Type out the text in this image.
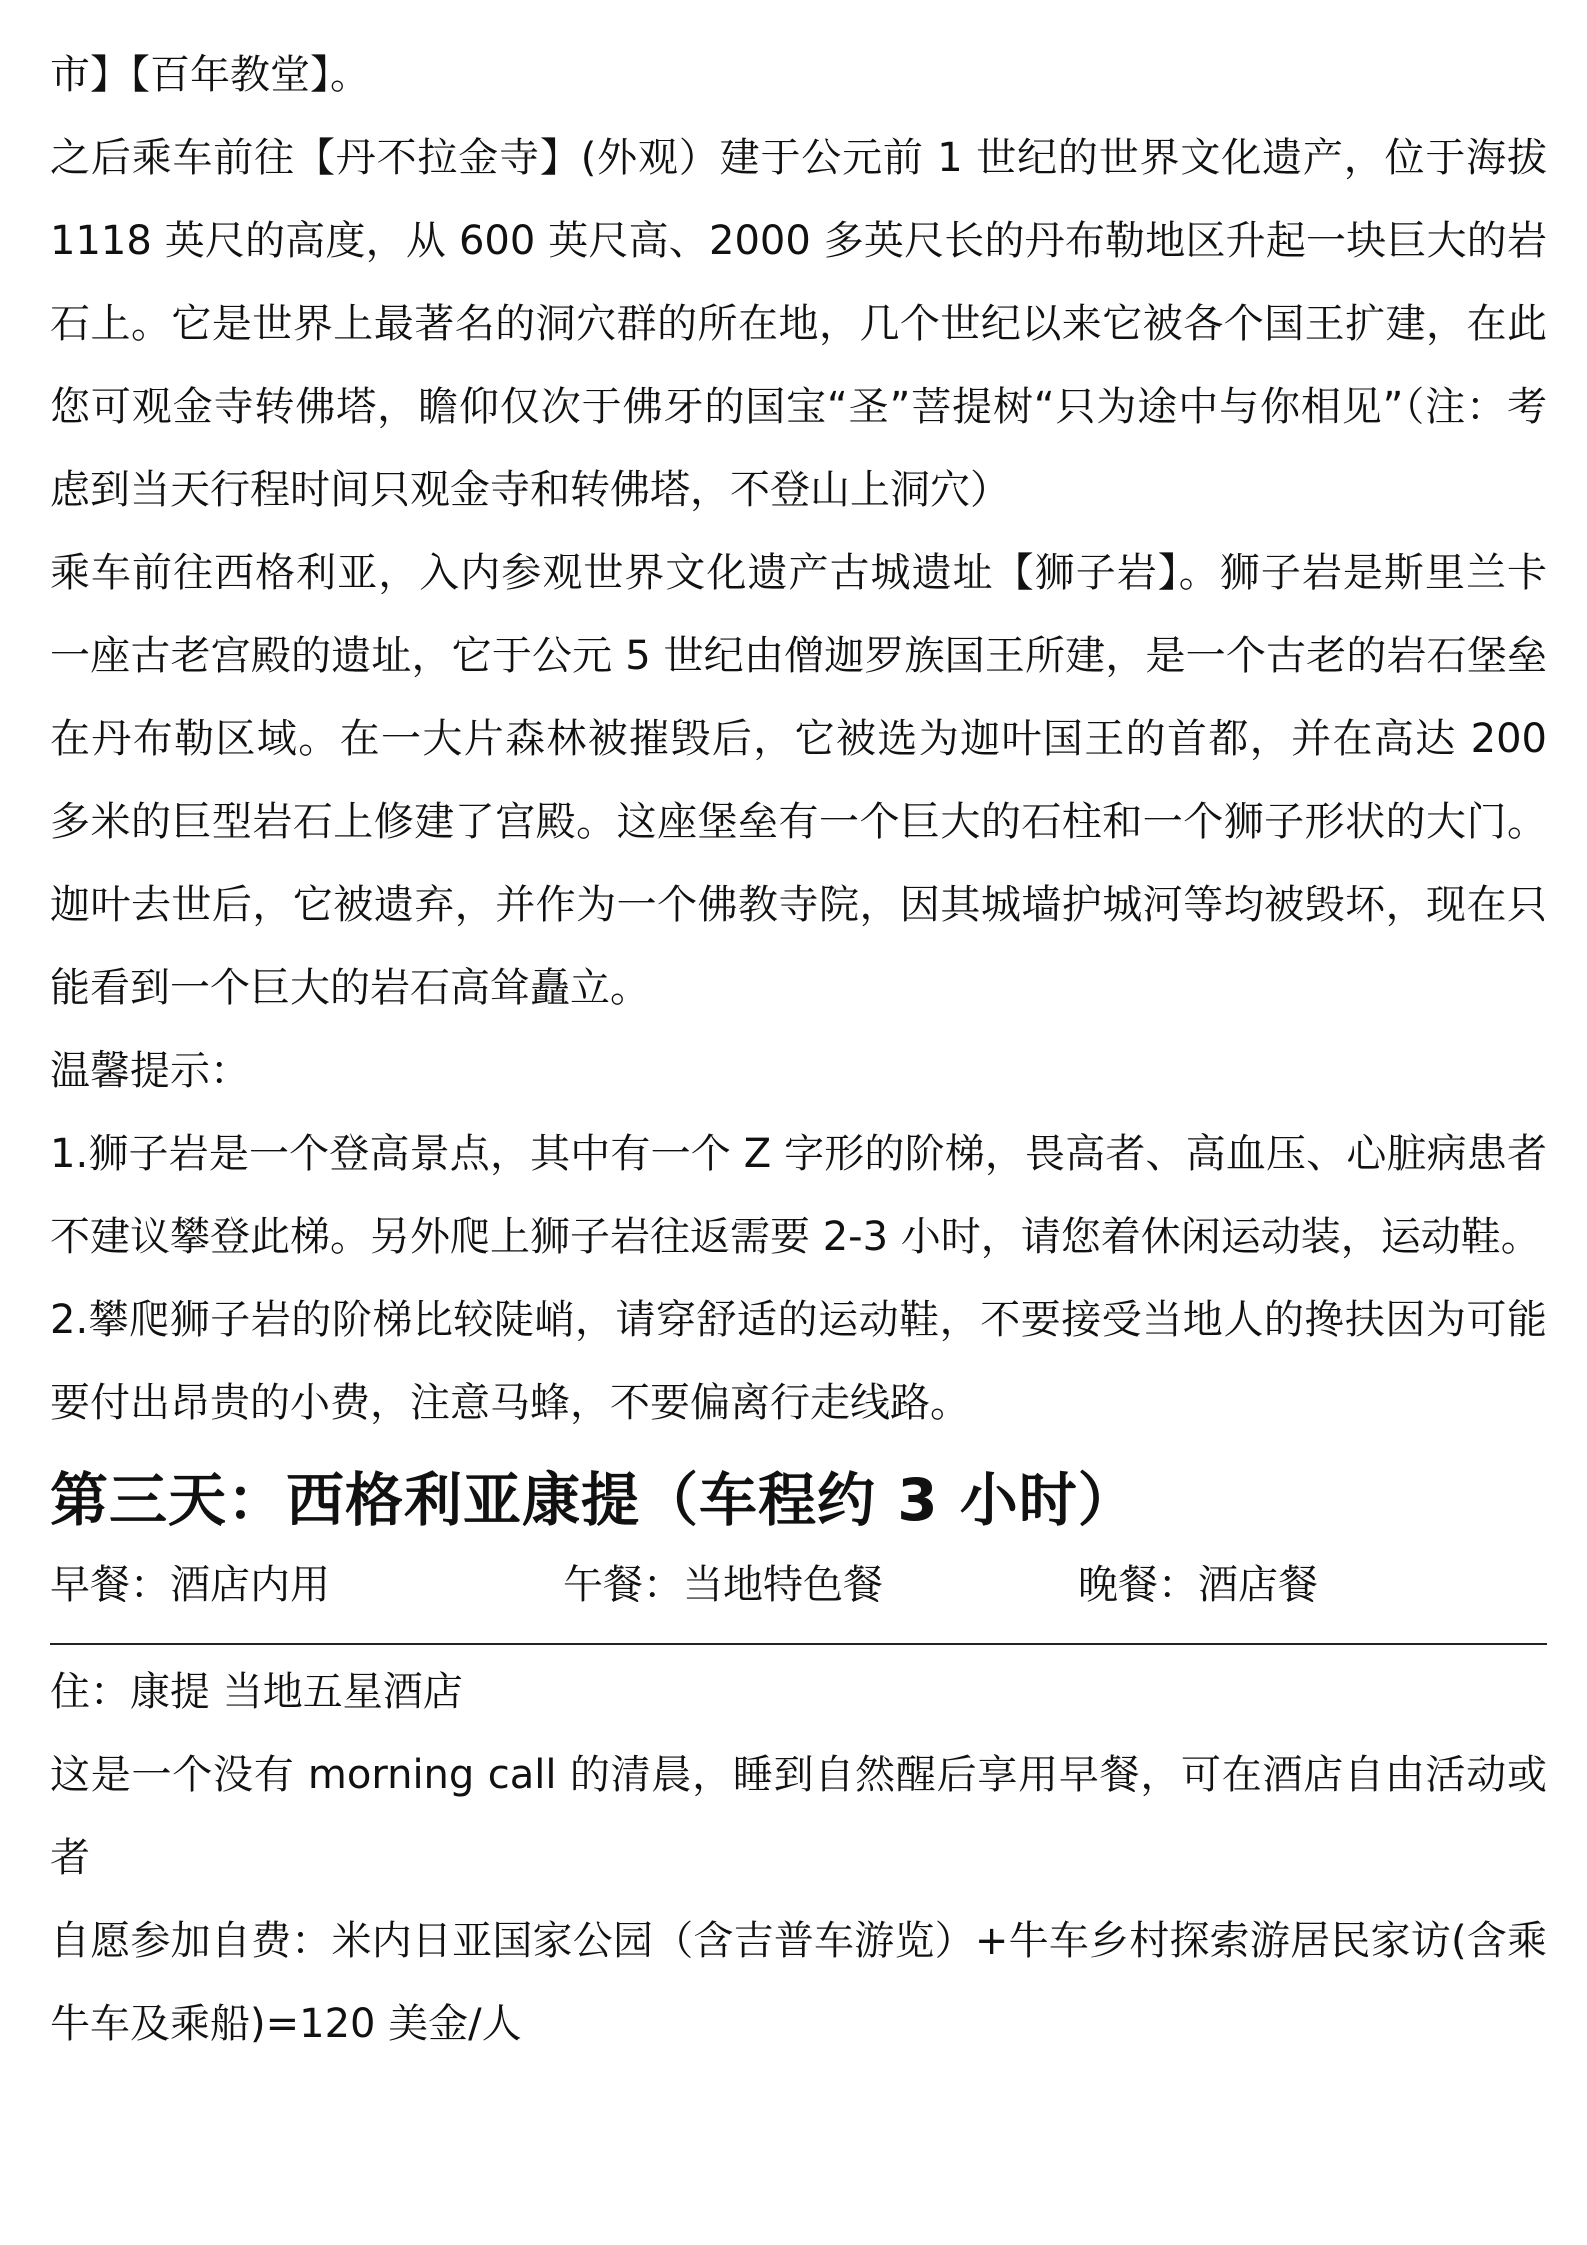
市】【百年教堂】。

之后乘车前往【丹不拉金寺】(外观）建于公元前 1 世纪的世界文化遗产，位于海拔 1118 英尺的高度，从 600 英尺高、2000 多英尺长的丹布勒地区升起一块巨大的岩石上。它是世界上最著名的洞穴群的所在地，几个世纪以来它被各个国王扩建，在此您可观金寺转佛塔，瞻仰仅次于佛牙的国宝“圣”菩提树“只为途中与你相见”（注：考虑到当天行程时间只观金寺和转佛塔，不登山上洞穴）

乘车前往西格利亚，入内参观世界文化遗产古城遗址【狮子岩】。狮子岩是斯里兰卡一座古老宫殿的遗址，它于公元 5 世纪由僧迦罗族国王所建，是一个古老的岩石堡垒在丹布勒区域。在一大片森林被摧毁后，它被选为迦叶国王的首都，并在高达 200 多米的巨型岩石上修建了宫殿。这座堡垒有一个巨大的石柱和一个狮子形状的大门。迦叶去世后，它被遗弃，并作为一个佛教寺院，因其城墙护城河等均被毁坏，现在只能看到一个巨大的岩石高耸矗立。

温馨提示：

1.狮子岩是一个登高景点，其中有一个 Z 字形的阶梯，畏高者、高血压、心脏病患者不建议攀登此梯。另外爬上狮子岩往返需要 2-3 小时，请您着休闲运动装，运动鞋。

2.攀爬狮子岩的阶梯比较陡峭，请穿舒适的运动鞋，不要接受当地人的搀扶因为可能要付出昂贵的小费，注意马蜂，不要偏离行走线路。

第三天：西格利亚康提（车程约 3 小时）
早餐：酒店内用	午餐：当地特色餐	晚餐：酒店餐

住：康提 当地五星酒店

这是一个没有 morning call 的清晨，睡到自然醒后享用早餐，可在酒店自由活动或者

自愿参加自费：米内日亚国家公园（含吉普车游览）+牛车乡村探索游居民家访(含乘牛车及乘船)=120 美金/人
